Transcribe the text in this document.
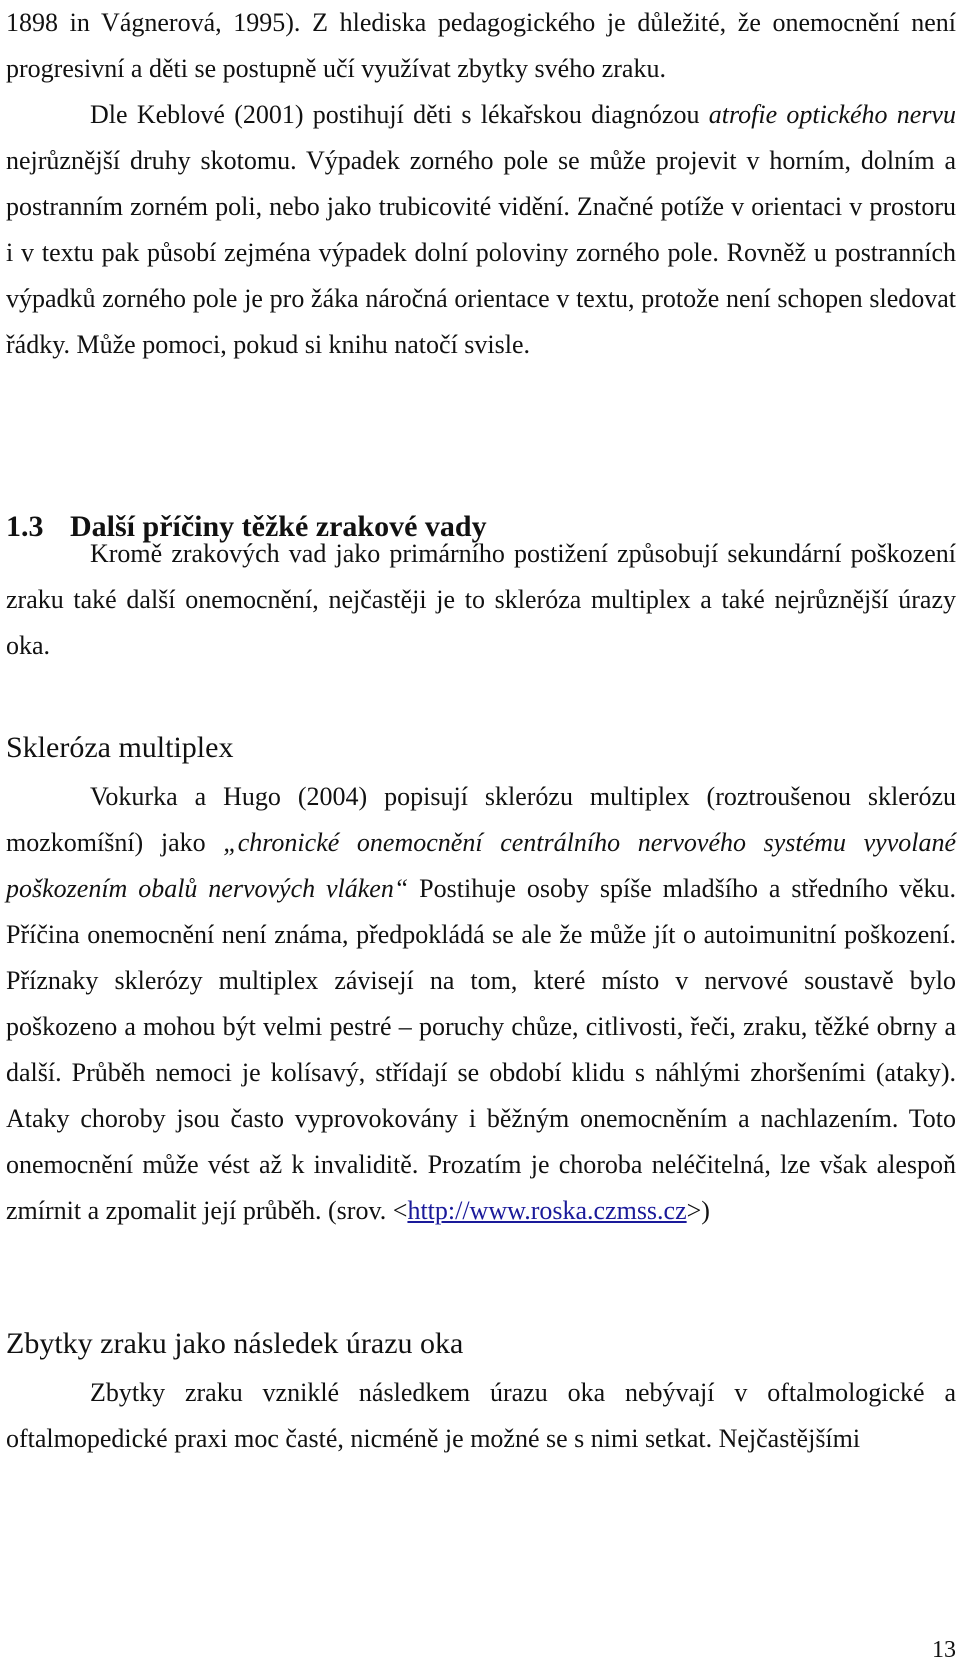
1898 in Vágnerová, 1995). Z hlediska pedagogického je důležité, že onemocnění není progresivní a děti se postupně učí využívat zbytky svého zraku.

Dle Keblové (2001) postihují děti s lékařskou diagnózou atrofie optického nervu nejrůznější druhy skotomu. Výpadek zorného pole se může projevit v horním, dolním a postranním zorném poli, nebo jako trubicovité vidění. Značné potíže v orientaci v prostoru i v textu pak působí zejména výpadek dolní poloviny zorného pole. Rovněž u postranních výpadků zorného pole je pro žáka náročná orientace v textu, protože není schopen sledovat řádky. Může pomoci, pokud si knihu natočí svisle.

1.3 Další příčiny těžké zrakové vady

Kromě zrakových vad jako primárního postižení způsobují sekundární poškození zraku také další onemocnění, nejčastěji je to skleróza multiplex a také nejrůznější úrazy oka.

Skleróza multiplex

Vokurka a Hugo (2004) popisují sklerózu multiplex (roztroušenou sklerózu mozkomíšní) jako „chronické onemocnění centrálního nervového systému vyvolané poškozením obalů nervových vláken“ Postihuje osoby spíše mladšího a středního věku. Příčina onemocnění není známa, předpokládá se ale že může jít o autoimunitní poškození. Příznaky sklerózy multiplex závisejí na tom, které místo v nervové soustavě bylo poškozeno a mohou být velmi pestré – poruchy chůze, citlivosti, řeči, zraku, těžké obrny a další. Průběh nemoci je kolísavý, střídají se období klidu s náhlými zhoršeními (ataky). Ataky choroby jsou často vyprovokovány i běžným onemocněním a nachlazením. Toto onemocnění může vést až k invaliditě. Prozatím je choroba neléčitelná, lze však alespoň zmírnit a zpomalit její průběh. (srov. <http://www.roska.czmss.cz>)

Zbytky zraku jako následek úrazu oka

Zbytky zraku vzniklé následkem úrazu oka nebývají v oftalmologické a oftalmopedické praxi moc časté, nicméně je možné se s nimi setkat. Nejčastějšími

13
